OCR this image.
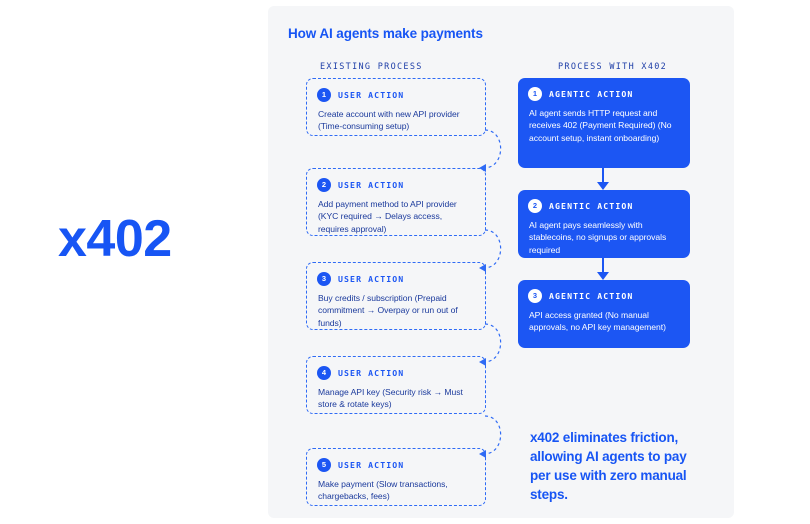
x402
How AI agents make payments
EXISTING PROCESS	PROCESS WITH X402
1	USER ACTION
Create account with new API provider (Time-consuming setup)
2	USER ACTION
Add payment method to API provider (KYC required → Delays access, requires approval)
3	USER ACTION
Buy credits / subscription (Prepaid commitment → Overpay or run out of funds)
4	USER ACTION
Manage API key (Security risk → Must store & rotate keys)
5	USER ACTION
Make payment (Slow transactions, chargebacks, fees)
1	AGENTIC ACTION
AI agent sends HTTP request and receives 402 (Payment Required) (No account setup, instant onboarding)
2	AGENTIC ACTION
AI agent pays seamlessly with stablecoins, no signups or approvals required
3	AGENTIC ACTION
API access granted (No manual approvals, no API key management)
x402 eliminates friction, allowing AI agents to pay per use with zero manual steps.
